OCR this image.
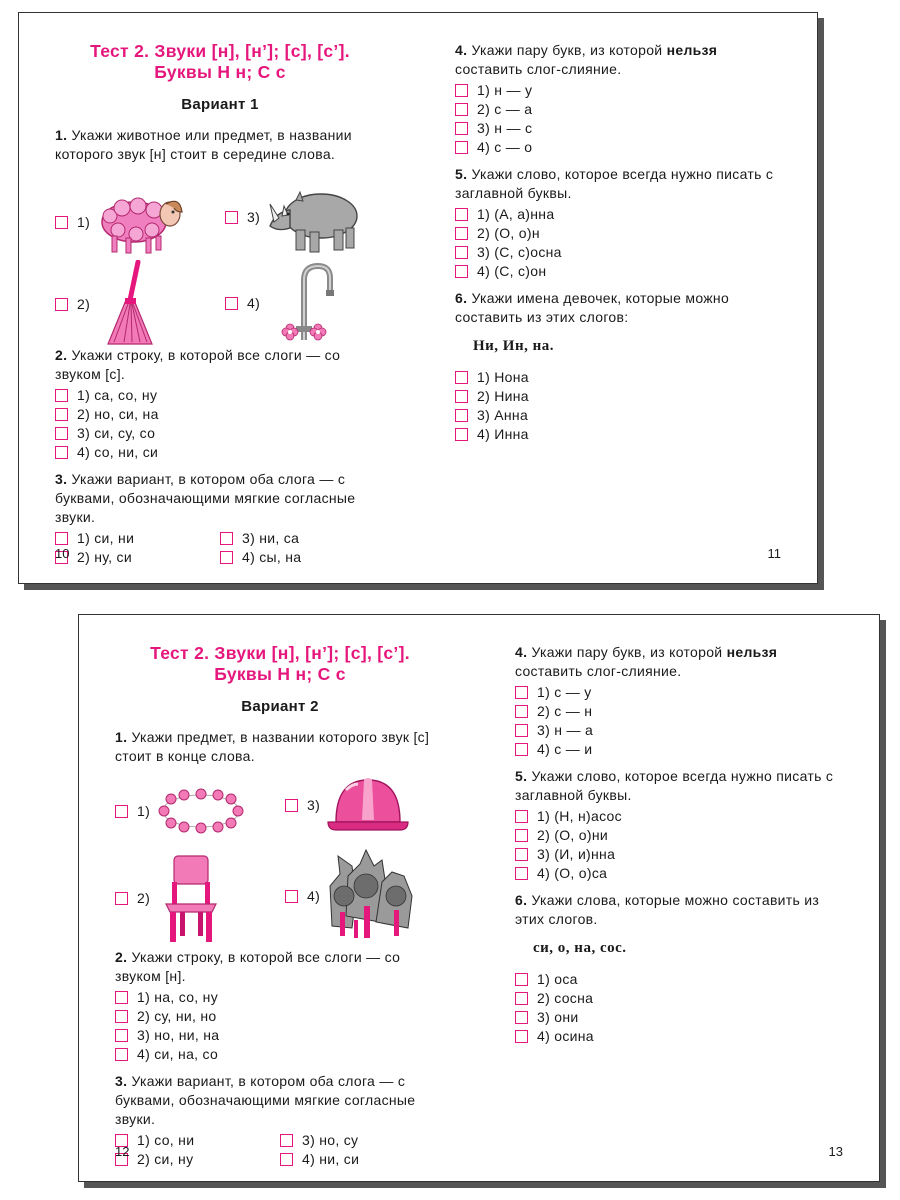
Тест 2. Звуки [н], [н’]; [с], [с’].
Буквы Н н; С с
Вариант 1
1. Укажи животное или предмет, в названии которого звук [н] стоит в середине слова.
1)
2)
3)
4)
2. Укажи строку, в которой все слоги — со звуком [с].
1) са, со, ну
2) но, си, на
3) си, су, со
4) со, ни, си
3. Укажи вариант, в котором оба слога — с буквами, обозначающими мягкие согласные звуки.
1) си, ни
2) ну, си
3) ни, са
4) сы, на
4. Укажи пару букв, из которой нельзя составить слог-слияние.
1) н — у
2) с — а
3) н — с
4) с — о
5. Укажи слово, которое всегда нужно писать с заглавной буквы.
1) (А, а)нна
2) (О, о)н
3) (С, с)осна
4) (С, с)он
6. Укажи имена девочек, которые можно составить из этих слогов:
Ни, Ин, на.
1) Нона
2) Нина
3) Анна
4) Инна
10	11
Тест 2. Звуки [н], [н’]; [с], [с’].
Буквы Н н; С с
Вариант 2
1. Укажи предмет, в названии которого звук [с] стоит в конце слова.
1)
2)
3)
4)
2. Укажи строку, в которой все слоги — со звуком [н].
1) на, со, ну
2) су, ни, но
3) но, ни, на
4) си, на, со
3. Укажи вариант, в котором оба слога — с буквами, обозначающими мягкие согласные звуки.
1) со, ни
2) си, ну
3) но, су
4) ни, си
4. Укажи пару букв, из которой нельзя составить слог-слияние.
1) с — у
2) с — н
3) н — а
4) с — и
5. Укажи слово, которое всегда нужно писать с заглавной буквы.
1) (Н, н)асос
2) (О, о)ни
3) (И, и)нна
4) (О, о)са
6. Укажи слова, которые можно составить из этих слогов.
си, о, на, сос.
1) оса
2) сосна
3) они
4) осина
12	13
